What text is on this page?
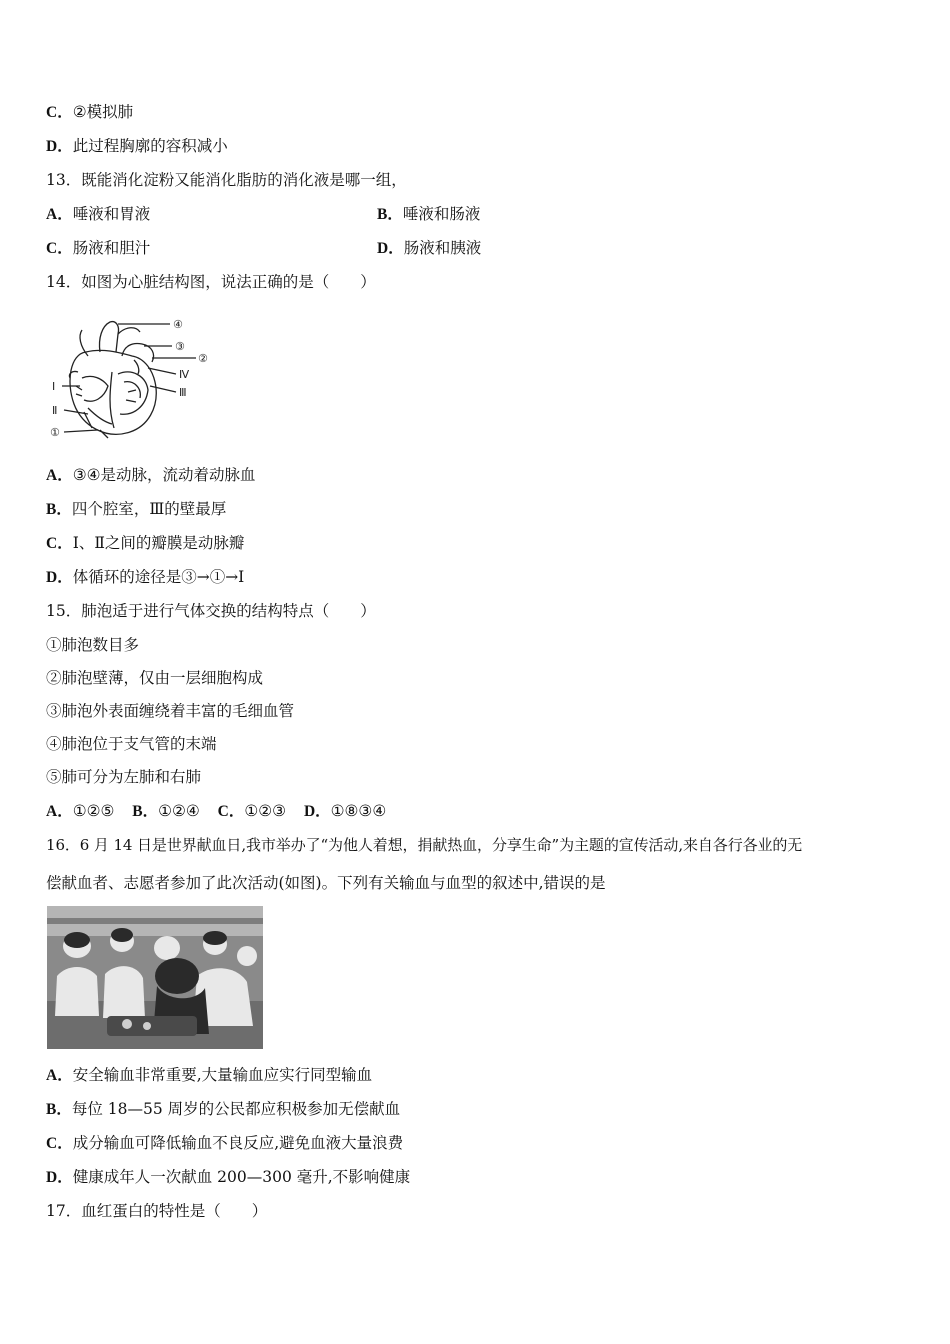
C．②模拟肺
D．此过程胸廓的容积减小
13．既能消化淀粉又能消化脂肪的消化液是哪一组，
A．唾液和胃液	B．唾液和肠液
C．肠液和胆汁	D．肠液和胰液
14．如图为心脏结构图，说法正确的是（　　）
④
③
②
Ⅳ
Ⅲ
Ⅰ
Ⅱ
①
A．③④是动脉，流动着动脉血
B．四个腔室，Ⅲ的壁最厚
C．Ⅰ、Ⅱ之间的瓣膜是动脉瓣
D．体循环的途径是③→①→Ⅰ
15．肺泡适于进行气体交换的结构特点（　　）
①肺泡数目多
②肺泡壁薄，仅由一层细胞构成
③肺泡外表面缠绕着丰富的毛细血管
④肺泡位于支气管的末端
⑤肺可分为左肺和右肺
A．①②⑤ B．①②④ C．①②③ D．①⑧③④
16．6 月 14 日是世界献血日,我市举办了“为他人着想，捐献热血，分享生命”为主题的宣传活动,来自各行各业的无
偿献血者、志愿者参加了此次活动(如图)。下列有关输血与血型的叙述中,错误的是
A．安全输血非常重要,大量输血应实行同型输血
B．每位 18—55 周岁的公民都应积极参加无偿献血
C．成分输血可降低输血不良反应,避免血液大量浪费
D．健康成年人一次献血 200—300 毫升,不影响健康
17．血红蛋白的特性是（　　）
